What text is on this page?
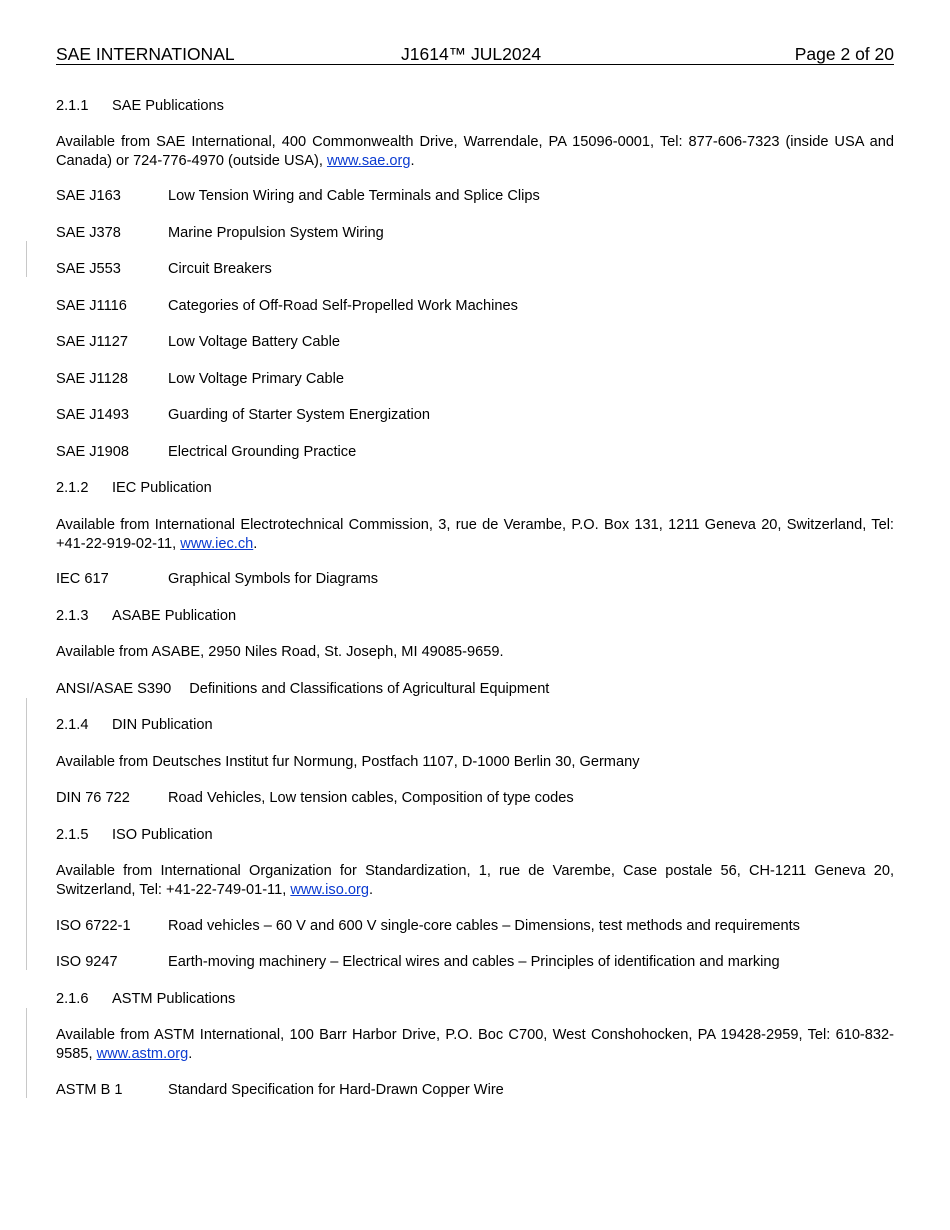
SAE INTERNATIONAL	J1614™ JUL2024	Page 2 of 20
2.1.1 SAE Publications
Available from SAE International, 400 Commonwealth Drive, Warrendale, PA 15096-0001, Tel: 877-606-7323 (inside USA and Canada) or 724-776-4970 (outside USA), www.sae.org.
SAE J163	Low Tension Wiring and Cable Terminals and Splice Clips
SAE J378	Marine Propulsion System Wiring
SAE J553	Circuit Breakers
SAE J1116	Categories of Off-Road Self-Propelled Work Machines
SAE J1127	Low Voltage Battery Cable
SAE J1128	Low Voltage Primary Cable
SAE J1493	Guarding of Starter System Energization
SAE J1908	Electrical Grounding Practice
2.1.2 IEC Publication
Available from International Electrotechnical Commission, 3, rue de Verambe, P.O. Box 131, 1211 Geneva 20, Switzerland, Tel: +41-22-919-02-11, www.iec.ch.
IEC 617	Graphical Symbols for Diagrams
2.1.3 ASABE Publication
Available from ASABE, 2950 Niles Road, St. Joseph, MI 49085-9659.
ANSI/ASAE S390 Definitions and Classifications of Agricultural Equipment
2.1.4 DIN Publication
Available from Deutsches Institut fur Normung, Postfach 1107, D-1000 Berlin 30, Germany
DIN 76 722	Road Vehicles, Low tension cables, Composition of type codes
2.1.5 ISO Publication
Available from International Organization for Standardization, 1, rue de Varembe, Case postale 56, CH-1211 Geneva 20, Switzerland, Tel: +41-22-749-01-11, www.iso.org.
ISO 6722-1	Road vehicles – 60 V and 600 V single-core cables – Dimensions, test methods and requirements
ISO 9247	Earth-moving machinery – Electrical wires and cables – Principles of identification and marking
2.1.6 ASTM Publications
Available from ASTM International, 100 Barr Harbor Drive, P.O. Boc C700, West Conshohocken, PA 19428-2959, Tel: 610-832-9585, www.astm.org.
ASTM B 1	Standard Specification for Hard-Drawn Copper Wire
